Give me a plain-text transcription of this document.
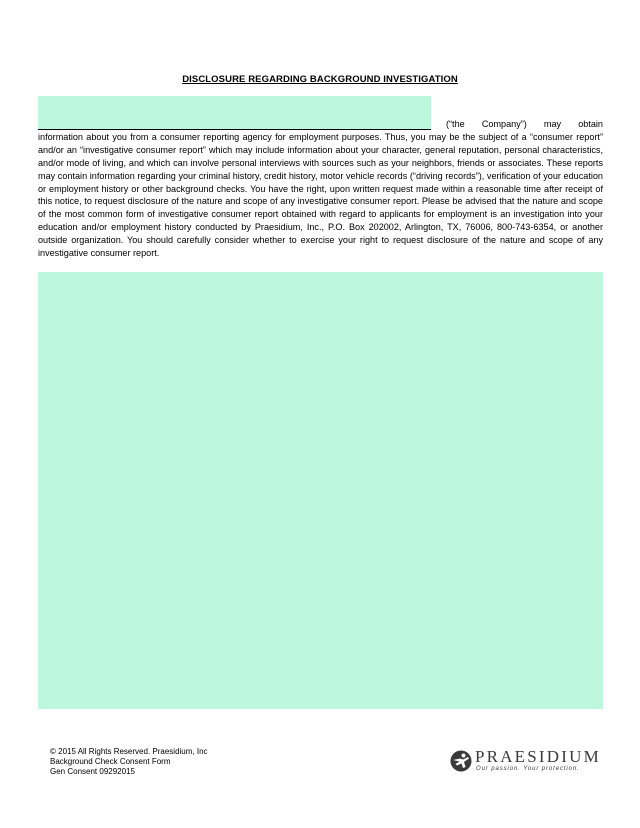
DISCLOSURE REGARDING BACKGROUND INVESTIGATION
(“the Company”) may obtain information about you from a consumer reporting agency for employment purposes. Thus, you may be the subject of a “consumer report” and/or an “investigative consumer report” which may include information about your character, general reputation, personal characteristics, and/or mode of living, and which can involve personal interviews with sources such as your neighbors, friends or associates. These reports may contain information regarding your criminal history, credit history, motor vehicle records (“driving records”), verification of your education or employment history or other background checks. You have the right, upon written request made within a reasonable time after receipt of this notice, to request disclosure of the nature and scope of any investigative consumer report. Please be advised that the nature and scope of the most common form of investigative consumer report obtained with regard to applicants for employment is an investigation into your education and/or employment history conducted by Praesidium, Inc., P.O. Box 202002, Arlington, TX, 76006, 800-743-6354, or another outside organization. You should carefully consider whether to exercise your right to request disclosure of the nature and scope of any investigative consumer report.
© 2015 All Rights Reserved. Praesidium, Inc
Background Check Consent Form
Gen Consent 09292015
PRAESIDIUM
Our passion. Your protection.
